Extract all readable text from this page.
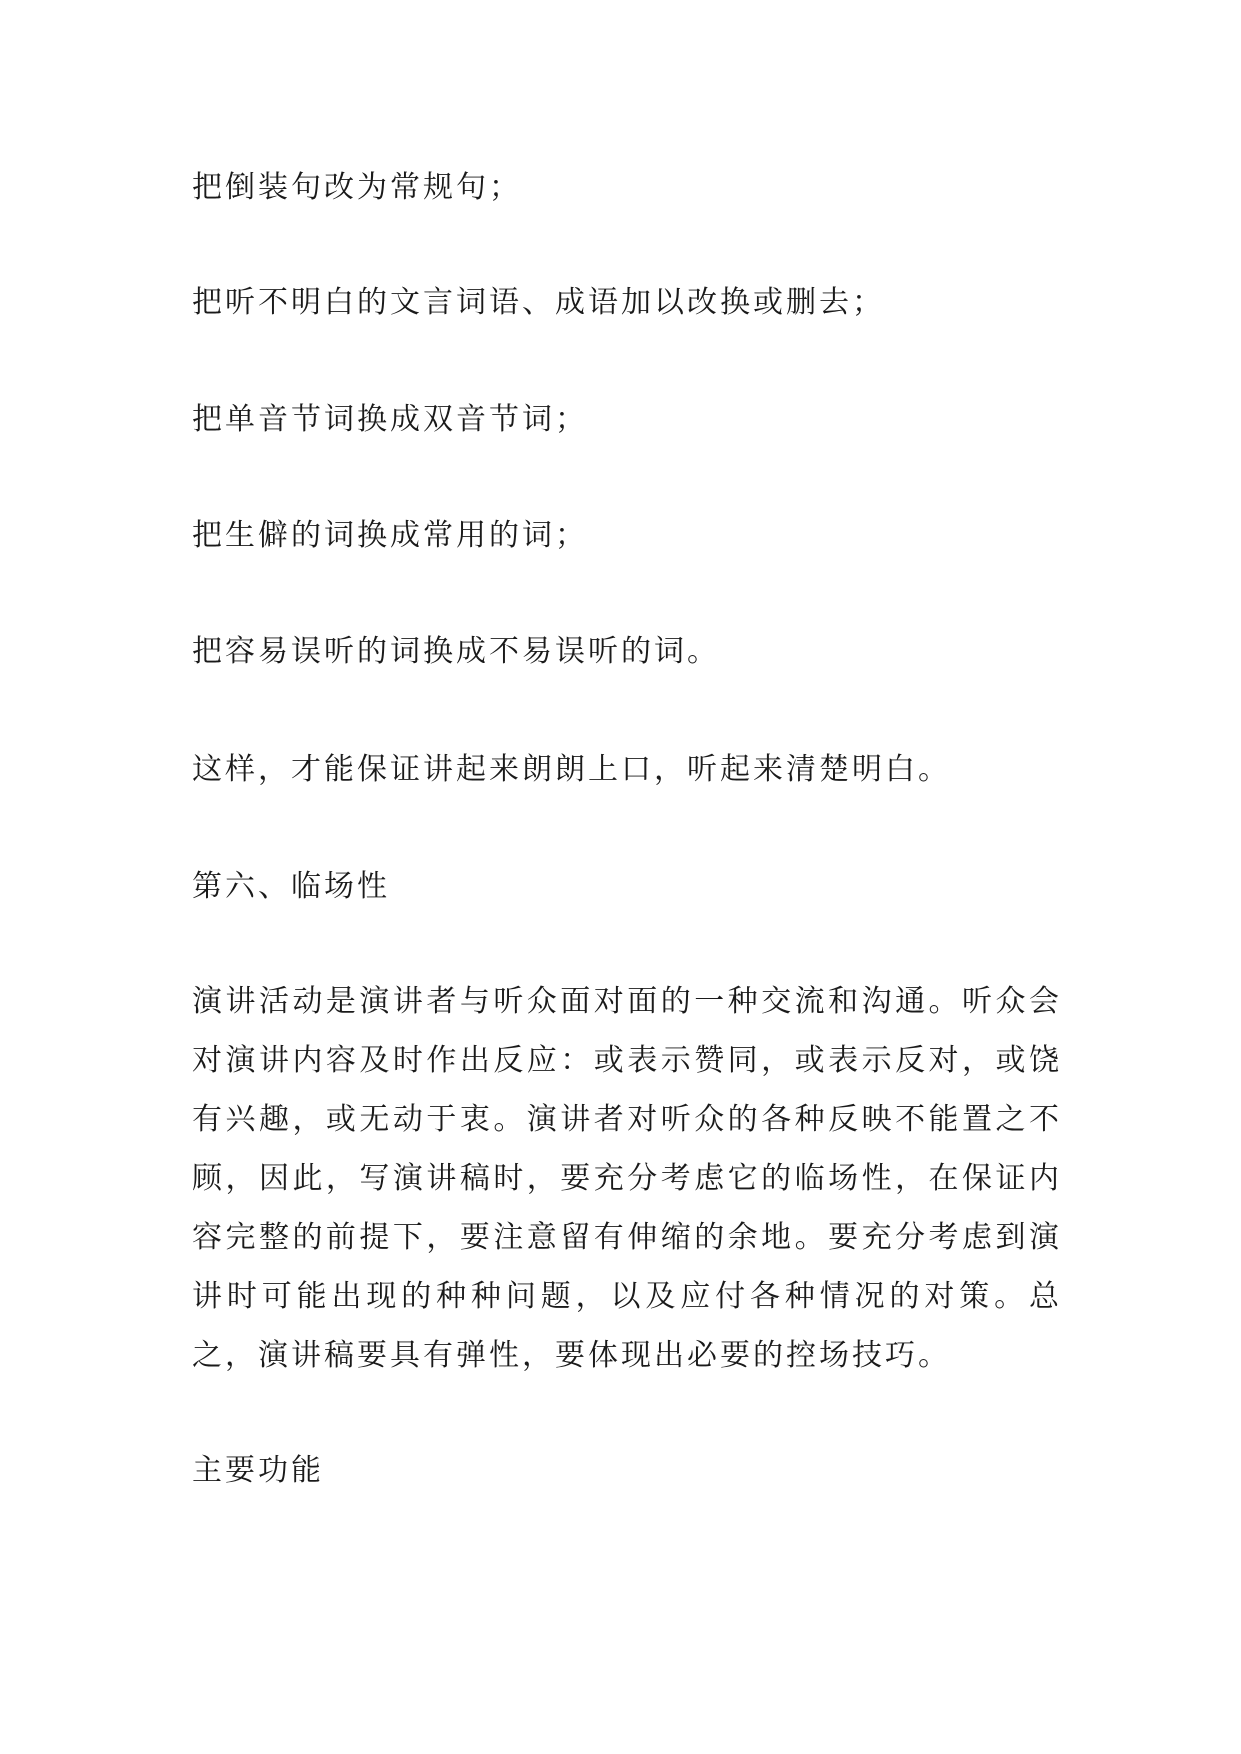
把倒装句改为常规句；

把听不明白的文言词语、成语加以改换或删去；

把单音节词换成双音节词；

把生僻的词换成常用的词；

把容易误听的词换成不易误听的词。

这样，才能保证讲起来朗朗上口，听起来清楚明白。

第六、临场性

演讲活动是演讲者与听众面对面的一种交流和沟通。听众会对演讲内容及时作出反应：或表示赞同，或表示反对，或饶有兴趣，或无动于衷。演讲者对听众的各种反映不能置之不顾，因此，写演讲稿时，要充分考虑它的临场性，在保证内容完整的前提下，要注意留有伸缩的余地。要充分考虑到演讲时可能出现的种种问题，以及应付各种情况的对策。总之，演讲稿要具有弹性，要体现出必要的控场技巧。

主要功能
